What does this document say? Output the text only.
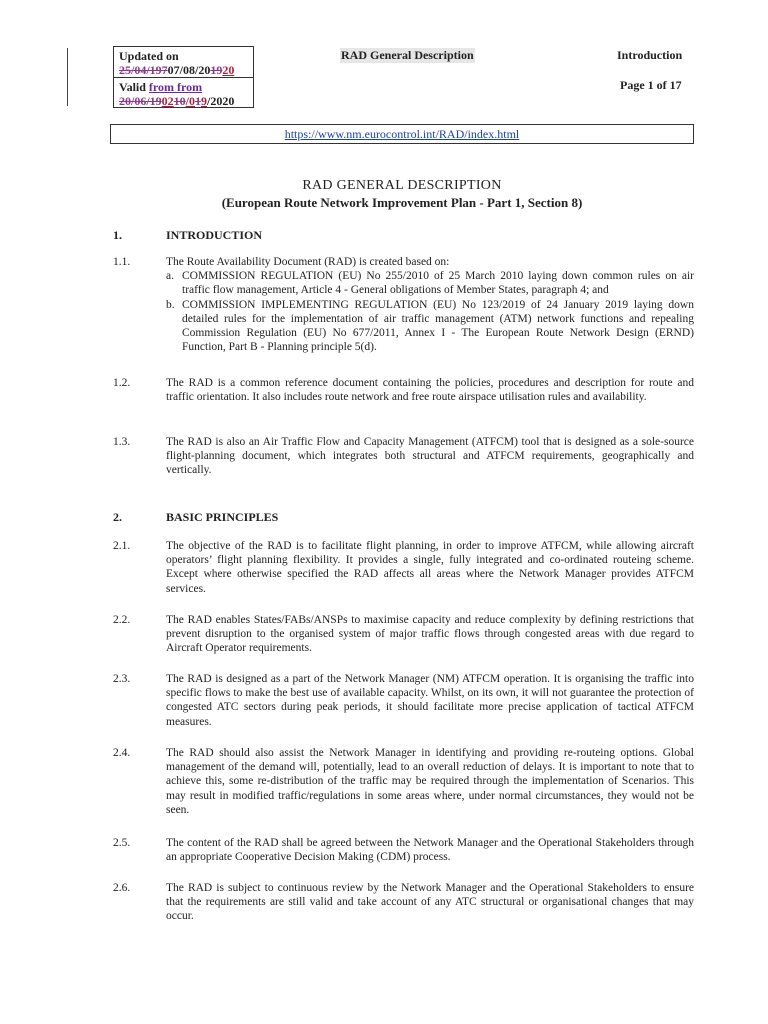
Updated on
25/04/19707/08/201920
Valid from from
20/06/190210/019/2020
RAD General Description	Introduction
Page 1 of 17
https://www.nm.eurocontrol.int/RAD/index.html
RAD GENERAL DESCRIPTION
(European Route Network Improvement Plan - Part 1, Section 8)
1.	INTRODUCTION
1.1.	The Route Availability Document (RAD) is created based on:
a. COMMISSION REGULATION (EU) No 255/2010 of 25 March 2010 laying down common rules on air traffic flow management, Article 4 - General obligations of Member States, paragraph 4; and
b. COMMISSION IMPLEMENTING REGULATION (EU) No 123/2019 of 24 January 2019 laying down detailed rules for the implementation of air traffic management (ATM) network functions and repealing Commission Regulation (EU) No 677/2011, Annex I - The European Route Network Design (ERND) Function, Part B - Planning principle 5(d).
1.2.	The RAD is a common reference document containing the policies, procedures and description for route and traffic orientation. It also includes route network and free route airspace utilisation rules and availability.
1.3.	The RAD is also an Air Traffic Flow and Capacity Management (ATFCM) tool that is designed as a sole-source flight-planning document, which integrates both structural and ATFCM requirements, geographically and vertically.
2.	BASIC PRINCIPLES
2.1.	The objective of the RAD is to facilitate flight planning, in order to improve ATFCM, while allowing aircraft operators’ flight planning flexibility. It provides a single, fully integrated and co-ordinated routeing scheme. Except where otherwise specified the RAD affects all areas where the Network Manager provides ATFCM services.
2.2.	The RAD enables States/FABs/ANSPs to maximise capacity and reduce complexity by defining restrictions that prevent disruption to the organised system of major traffic flows through congested areas with due regard to Aircraft Operator requirements.
2.3.	The RAD is designed as a part of the Network Manager (NM) ATFCM operation. It is organising the traffic into specific flows to make the best use of available capacity. Whilst, on its own, it will not guarantee the protection of congested ATC sectors during peak periods, it should facilitate more precise application of tactical ATFCM measures.
2.4.	The RAD should also assist the Network Manager in identifying and providing re-routeing options. Global management of the demand will, potentially, lead to an overall reduction of delays. It is important to note that to achieve this, some re-distribution of the traffic may be required through the implementation of Scenarios. This may result in modified traffic/regulations in some areas where, under normal circumstances, they would not be seen.
2.5.	The content of the RAD shall be agreed between the Network Manager and the Operational Stakeholders through an appropriate Cooperative Decision Making (CDM) process.
2.6.	The RAD is subject to continuous review by the Network Manager and the Operational Stakeholders to ensure that the requirements are still valid and take account of any ATC structural or organisational changes that may occur.
